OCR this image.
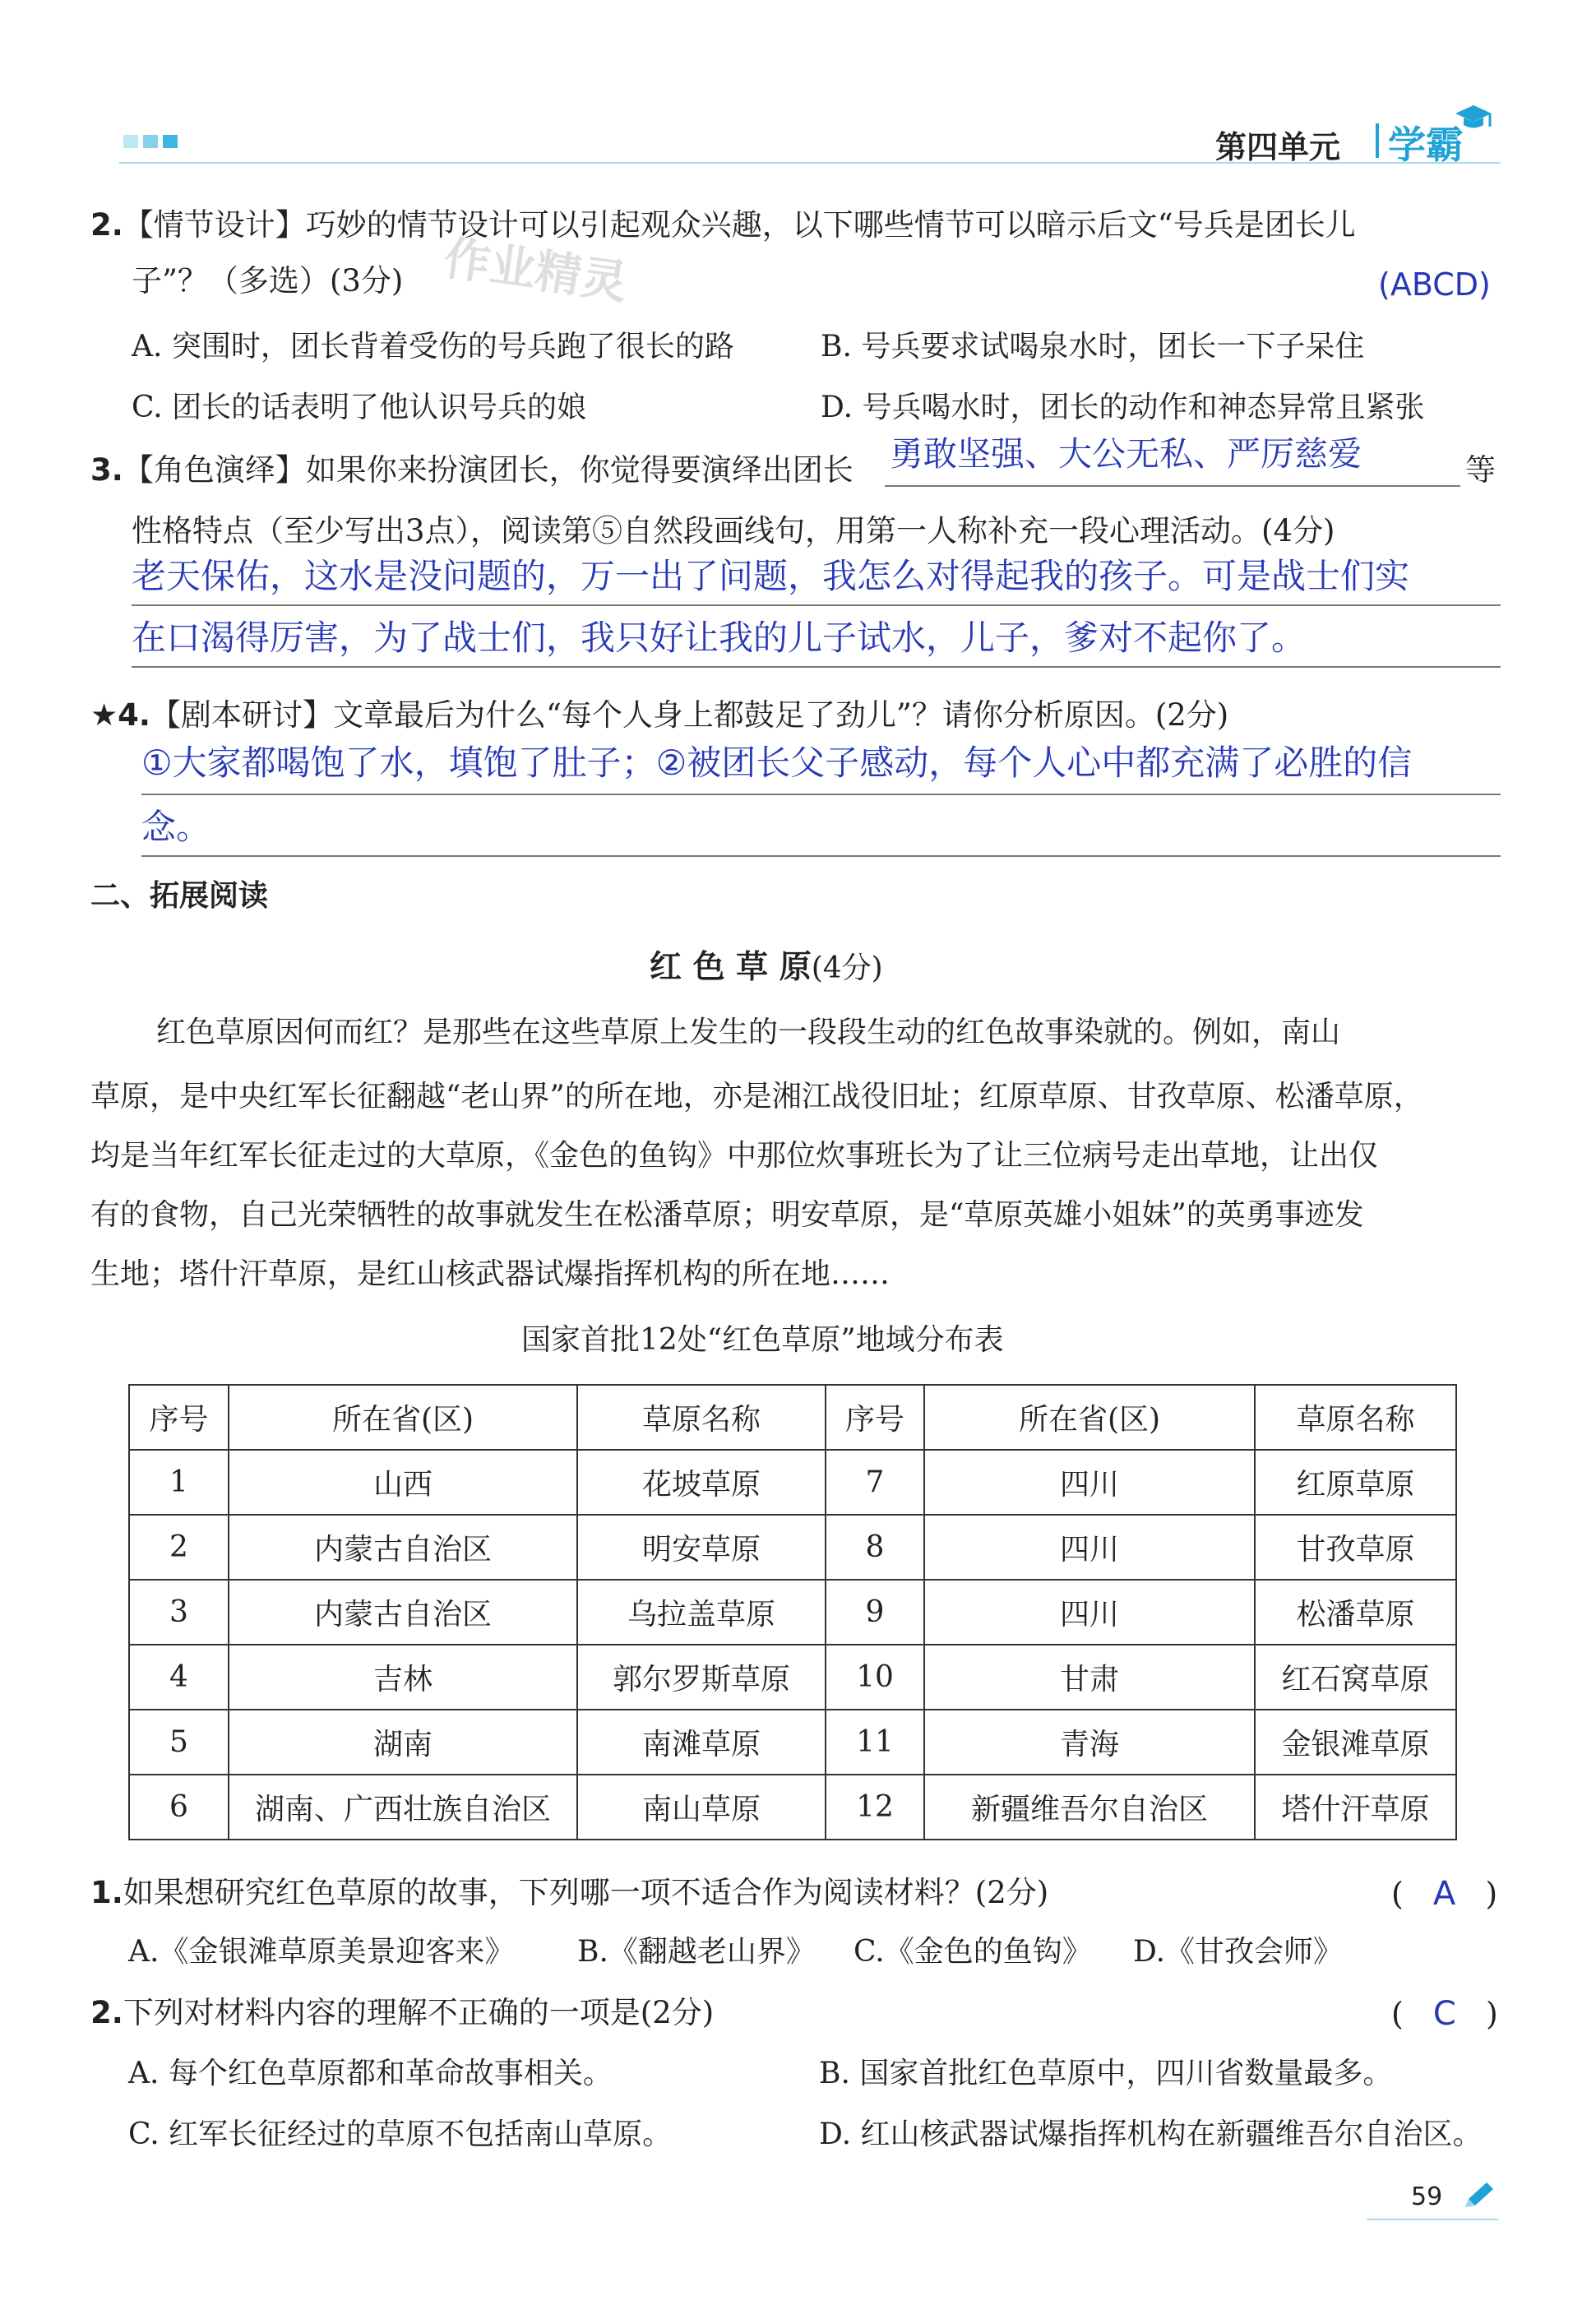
第四单元 学霸
作业精灵
2.【情节设计】巧妙的情节设计可以引起观众兴趣，以下哪些情节可以暗示后文“号兵是团长儿
子”？（多选）(3分)	(ABCD)
A. 突围时，团长背着受伤的号兵跑了很长的路	B. 号兵要求试喝泉水时，团长一下子呆住
C. 团长的话表明了他认识号兵的娘	D. 号兵喝水时，团长的动作和神态异常且紧张
3.【角色演绎】如果你来扮演团长，你觉得要演绎出团长 勇敢坚强、大公无私、严厉慈爱	等
性格特点（至少写出3点），阅读第⑤自然段画线句，用第一人称补充一段心理活动。(4分)
老天保佑，这水是没问题的，万一出了问题，我怎么对得起我的孩子。可是战士们实
在口渴得厉害，为了战士们，我只好让我的儿子试水，儿子，爹对不起你了。
★4.【剧本研讨】文章最后为什么“每个人身上都鼓足了劲儿”？请你分析原因。(2分)
①大家都喝饱了水，填饱了肚子；②被团长父子感动，每个人心中都充满了必胜的信
念。
二、拓展阅读
红 色 草 原(4分)
红色草原因何而红？是那些在这些草原上发生的一段段生动的红色故事染就的。例如，南山
草原，是中央红军长征翻越“老山界”的所在地，亦是湘江战役旧址；红原草原、甘孜草原、松潘草原，
均是当年红军长征走过的大草原，《金色的鱼钩》中那位炊事班长为了让三位病号走出草地，让出仅
有的食物，自己光荣牺牲的故事就发生在松潘草原；明安草原，是“草原英雄小姐妹”的英勇事迹发
生地；塔什汗草原，是红山核武器试爆指挥机构的所在地……
国家首批12处“红色草原”地域分布表
序号	所在省(区)	草原名称	序号	所在省(区)	草原名称
1	山西	花坡草原	7	四川	红原草原
2	内蒙古自治区	明安草原	8	四川	甘孜草原
3	内蒙古自治区	乌拉盖草原	9	四川	松潘草原
4	吉林	郭尔罗斯草原	10	甘肃	红石窝草原
5	湖南	南滩草原	11	青海	金银滩草原
6	湖南、广西壮族自治区	南山草原	12	新疆维吾尔自治区	塔什汗草原
1.如果想研究红色草原的故事，下列哪一项不适合作为阅读材料？(2分)	( A )
A.《金银滩草原美景迎客来》 B.《翻越老山界》 C.《金色的鱼钩》 D.《甘孜会师》
2.下列对材料内容的理解不正确的一项是(2分)	( C )
A. 每个红色草原都和革命故事相关。	B. 国家首批红色草原中，四川省数量最多。
C. 红军长征经过的草原不包括南山草原。	D. 红山核武器试爆指挥机构在新疆维吾尔自治区。
59
